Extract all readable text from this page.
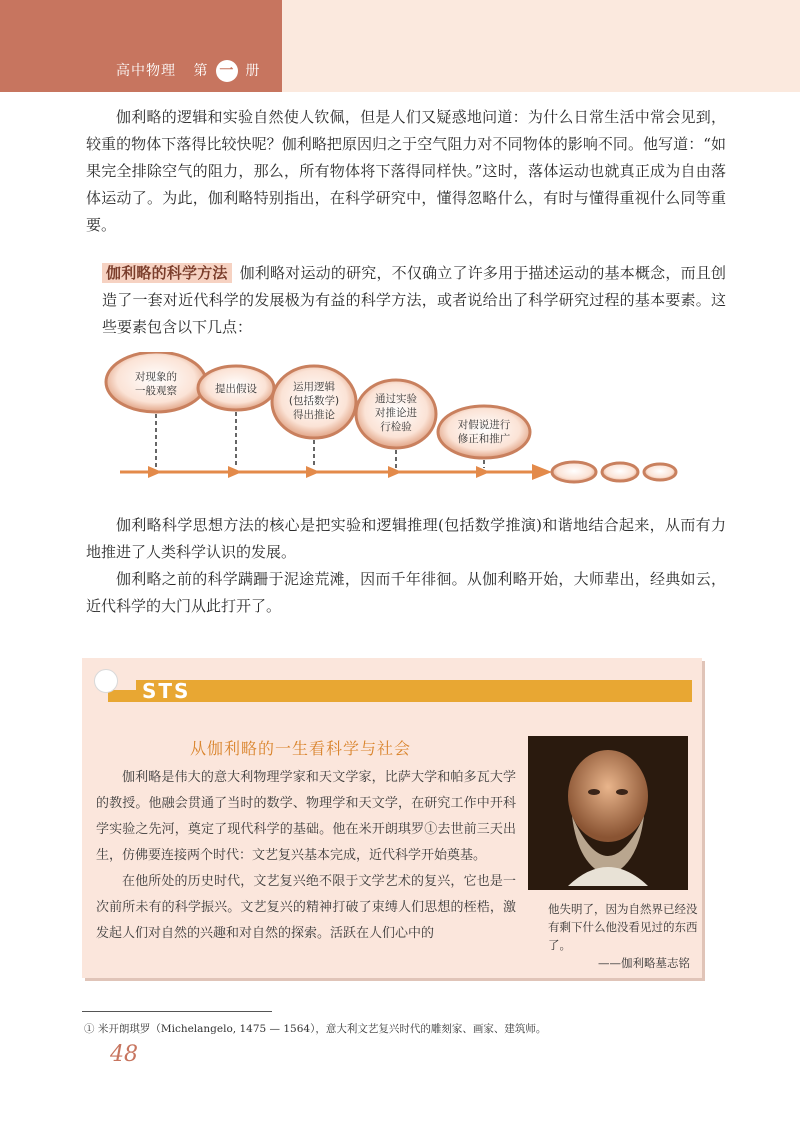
高中物理 第 一 册
伽利略的逻辑和实验自然使人钦佩，但是人们又疑惑地问道：为什么日常生活中常会见到，较重的物体下落得比较快呢？伽利略把原因归之于空气阻力对不同物体的影响不同。他写道：“如果完全排除空气的阻力，那么，所有物体将下落得同样快。”这时，落体运动也就真正成为自由落体运动了。为此，伽利略特别指出，在科学研究中，懂得忽略什么，有时与懂得重视什么同等重要。
伽利略的科学方法 伽利略对运动的研究，不仅确立了许多用于描述运动的基本概念，而且创造了一套对近代科学的发展极为有益的科学方法，或者说给出了科学研究过程的基本要素。这些要素包含以下几点：
对现象的
一般观察	提出假设	运用逻辑
(包括数学)
得出推论
通过实验
对推论进
行检验	对假说进行
修正和推广
伽利略科学思想方法的核心是把实验和逻辑推理(包括数学推演)和谐地结合起来，从而有力地推进了人类科学认识的发展。
伽利略之前的科学蹒跚于泥途荒滩，因而千年徘徊。从伽利略开始，大师辈出，经典如云，近代科学的大门从此打开了。
STS
从伽利略的一生看科学与社会
伽利略是伟大的意大利物理学家和天文学家，比萨大学和帕多瓦大学的教授。他融会贯通了当时的数学、物理学和天文学，在研究工作中开科学实验之先河，奠定了现代科学的基础。他在米开朗琪罗①去世前三天出生，仿佛要连接两个时代：文艺复兴基本完成，近代科学开始奠基。
在他所处的历史时代，文艺复兴绝不限于文学艺术的复兴，它也是一次前所未有的科学振兴。文艺复兴的精神打破了束缚人们思想的桎梏，激发起人们对自然的兴趣和对自然的探索。活跃在人们心中的
他失明了，因为自然界已经没有剩下什么他没看见过的东西了。
——伽利略墓志铭
① 米开朗琪罗（Michelangelo, 1475 — 1564），意大利文艺复兴时代的雕刻家、画家、建筑师。
48
